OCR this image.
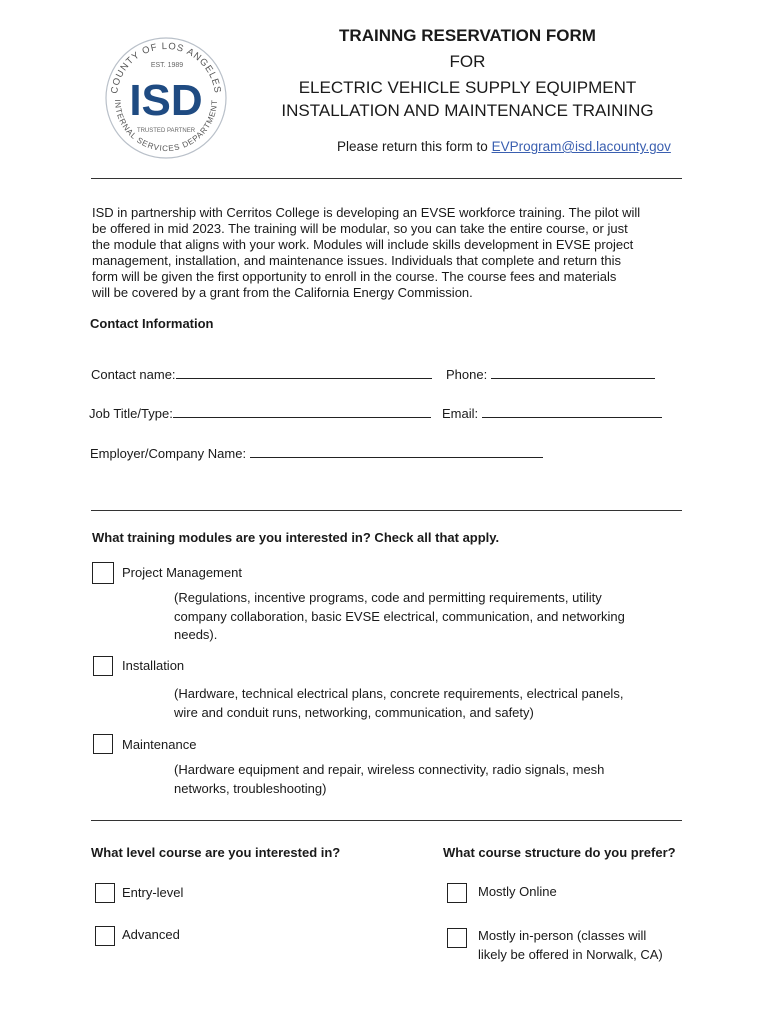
COUNTY OF LOS ANGELES
INTERNAL SERVICES DEPARTMENT
EST. 1989
ISD
TRUSTED PARTNER
TRAINNG RESERVATION FORM
FOR
ELECTRIC VEHICLE SUPPLY EQUIPMENT
INSTALLATION AND MAINTENANCE TRAINING
Please return this form to EVProgram@isd.lacounty.gov
ISD in partnership with Cerritos College is developing an EVSE workforce training. The pilot will
be offered in mid 2023. The training will be modular, so you can take the entire course, or just
the module that aligns with your work. Modules will include skills development in EVSE project
management, installation, and maintenance issues. Individuals that complete and return this
form will be given the first opportunity to enroll in the course. The course fees and materials
will be covered by a grant from the California Energy Commission.
Contact Information
Contact name:	Phone:
Job Title/Type:	Email:
Employer/Company Name:
What training modules are you interested in? Check all that apply.
Project Management
(Regulations, incentive programs, code and permitting requirements, utility
company collaboration, basic EVSE electrical, communication, and networking
needs).
Installation
(Hardware, technical electrical plans, concrete requirements, electrical panels,
wire and conduit runs, networking, communication, and safety)
Maintenance
(Hardware equipment and repair, wireless connectivity, radio signals, mesh
networks, troubleshooting)
What level course are you interested in?
Entry-level
Advanced
What course structure do you prefer?
Mostly Online
Mostly in-person (classes will
likely be offered in Norwalk, CA)
